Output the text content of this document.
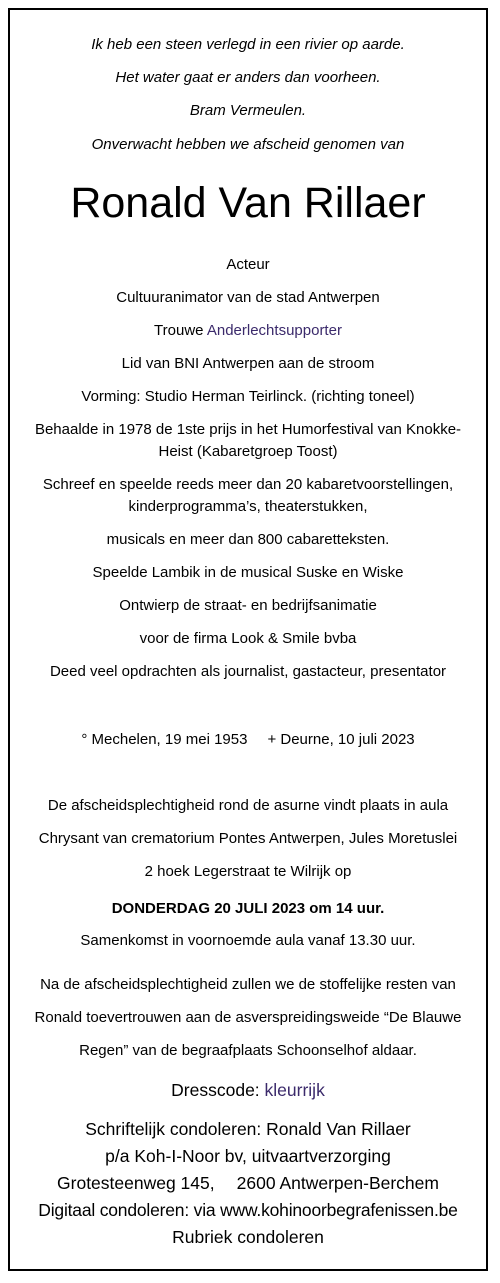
Ik heb een steen verlegd in een rivier op aarde.
Het water gaat er anders dan voorheen.
Bram Vermeulen.
Onverwacht hebben we afscheid genomen van
Ronald Van Rillaer
Acteur
Cultuuranimator van de stad Antwerpen
Trouwe Anderlechtsupporter
Lid van BNI Antwerpen aan de stroom
Vorming: Studio Herman Teirlinck. (richting toneel)
Behaalde in 1978 de 1ste prijs in het Humorfestival van Knokke-
Heist (Kabaretgroep Toost)
Schreef en speelde reeds meer dan 20 kabaretvoorstellingen,
kinderprogramma’s, theaterstukken,
musicals en meer dan 800 cabaretteksten.
Speelde Lambik in de musical Suske en Wiske
Ontwierp de straat- en bedrijfsanimatie
voor de firma Look & Smile bvba
Deed veel opdrachten als journalist, gastacteur, presentator
° Mechelen, 19 mei 1953 + Deurne, 10 juli 2023
De afscheidsplechtigheid rond de asurne vindt plaats in aula
Chrysant van crematorium Pontes Antwerpen, Jules Moretuslei
2 hoek Legerstraat te Wilrijk op
DONDERDAG 20 JULI 2023 om 14 uur.
Samenkomst in voornoemde aula vanaf 13.30 uur.
Na de afscheidsplechtigheid zullen we de stoffelijke resten van
Ronald toevertrouwen aan de asverspreidingsweide “De Blauwe
Regen” van de begraafplaats Schoonselhof aldaar.
Dresscode: kleurrijk
Schriftelijk condoleren: Ronald Van Rillaer
p/a Koh-I-Noor bv, uitvaartverzorging
Grotesteenweg 145, 2600 Antwerpen-Berchem
Digitaal condoleren: via www.kohinoorbegrafenissen.be
Rubriek condoleren
